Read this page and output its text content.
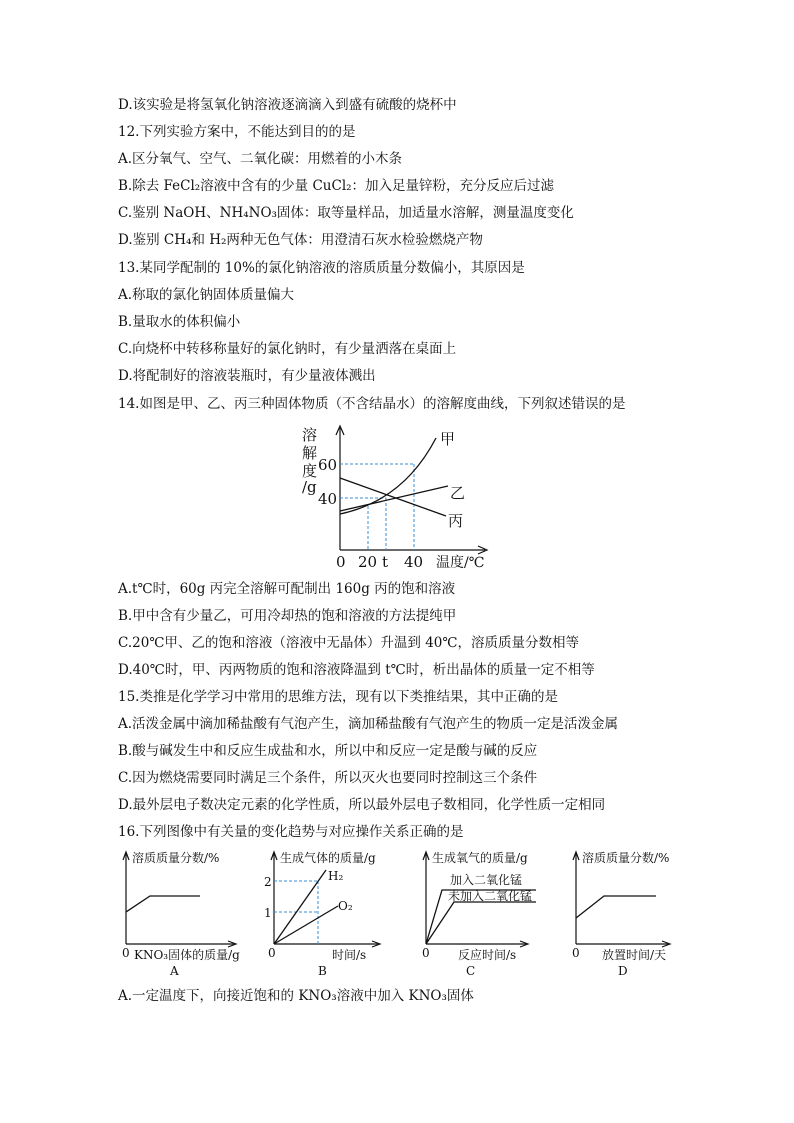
D.该实验是将氢氧化钠溶液逐滴滴入到盛有硫酸的烧杯中
12.下列实验方案中，不能达到目的的是
A.区分氧气、空气、二氧化碳：用燃着的小木条
B.除去 FeCl₂溶液中含有的少量 CuCl₂：加入足量锌粉，充分反应后过滤
C.鉴别 NaOH、NH₄NO₃固体：取等量样品，加适量水溶解，测量温度变化
D.鉴别 CH₄和 H₂两种无色气体：用澄清石灰水检验燃烧产物
13.某同学配制的 10%的氯化钠溶液的溶质质量分数偏小，其原因是
A.称取的氯化钠固体质量偏大
B.量取水的体积偏小
C.向烧杯中转移称量好的氯化钠时，有少量洒落在桌面上
D.将配制好的溶液装瓶时，有少量液体溅出
14.如图是甲、乙、丙三种固体物质（不含结晶水）的溶解度曲线，下列叙述错误的是
溶
解
度
/g
甲
乙
丙
60
40
0 20 t 40 温度/℃
A.t℃时，60g 丙完全溶解可配制出 160g 丙的饱和溶液
B.甲中含有少量乙，可用冷却热的饱和溶液的方法提纯甲
C.20℃甲、乙的饱和溶液（溶液中无晶体）升温到 40℃，溶质质量分数相等
D.40℃时，甲、丙两物质的饱和溶液降温到 t℃时，析出晶体的质量一定不相等
15.类推是化学学习中常用的思维方法，现有以下类推结果，其中正确的是
A.活泼金属中滴加稀盐酸有气泡产生，滴加稀盐酸有气泡产生的物质一定是活泼金属
B.酸与碱发生中和反应生成盐和水，所以中和反应一定是酸与碱的反应
C.因为燃烧需要同时满足三个条件，所以灭火也要同时控制这三个条件
D.最外层电子数决定元素的化学性质，所以最外层电子数相同，化学性质一定相同
16.下列图像中有关量的变化趋势与对应操作关系正确的是
溶质质量分数/%
0 KNO₃固体的质量/g
A
生成气体的质量/g
2
1
H₂
O₂
0	时间/s
B
生成氧气的质量/g
加入二氧化锰
未加入二氧化锰
0 反应时间/s
C
溶质质量分数/%
0 放置时间/天
D
A.一定温度下，向接近饱和的 KNO₃溶液中加入 KNO₃固体
